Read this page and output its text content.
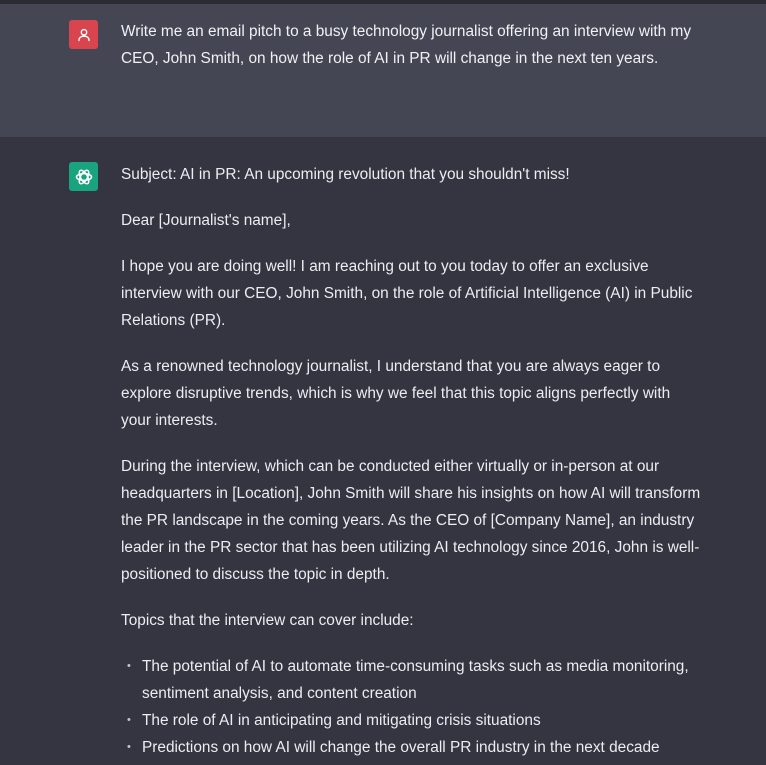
Write me an email pitch to a busy technology journalist offering an interview with my CEO, John Smith, on how the role of AI in PR will change in the next ten years.

Subject: AI in PR: An upcoming revolution that you shouldn't miss!

Dear [Journalist's name],

I hope you are doing well! I am reaching out to you today to offer an exclusive interview with our CEO, John Smith, on the role of Artificial Intelligence (AI) in Public Relations (PR).

As a renowned technology journalist, I understand that you are always eager to explore disruptive trends, which is why we feel that this topic aligns perfectly with your interests.

During the interview, which can be conducted either virtually or in-person at our headquarters in [Location], John Smith will share his insights on how AI will transform the PR landscape in the coming years. As the CEO of [Company Name], an industry leader in the PR sector that has been utilizing AI technology since 2016, John is well-positioned to discuss the topic in depth.

Topics that the interview can cover include:

• The potential of AI to automate time-consuming tasks such as media monitoring, sentiment analysis, and content creation
• The role of AI in anticipating and mitigating crisis situations
• Predictions on how AI will change the overall PR industry in the next decade
